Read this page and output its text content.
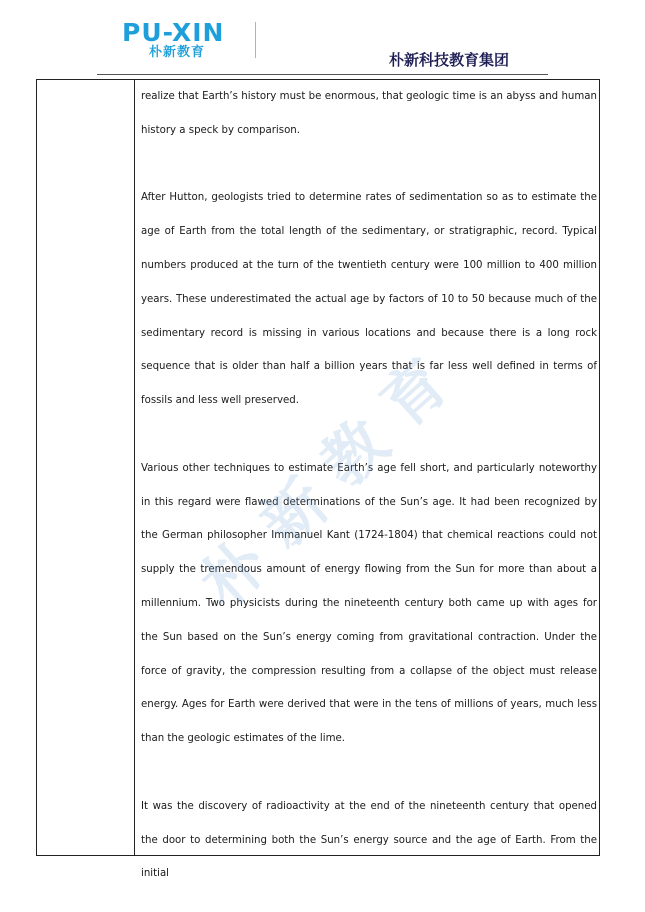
PU-XIN
朴新教育	朴新科技教育集团

realize that Earth’s history must be enormous, that geologic time is an abyss and human history a speck by comparison.

After Hutton, geologists tried to determine rates of sedimentation so as to estimate the age of Earth from the total length of the sedimentary, or stratigraphic, record. Typical numbers produced at the turn of the twentieth century were 100 million to 400 million years. These underestimated the actual age by factors of 10 to 50 because much of the sedimentary record is missing in various locations and because there is a long rock sequence that is older than half a billion years that is far less well defined in terms of fossils and less well preserved.

Various other techniques to estimate Earth’s age fell short, and particularly noteworthy in this regard were flawed determinations of the Sun’s age. It had been recognized by the German philosopher Immanuel Kant (1724-1804) that chemical reactions could not supply the tremendous amount of energy flowing from the Sun for more than about a millennium. Two physicists during the nineteenth century both came up with ages for the Sun based on the Sun’s energy coming from gravitational contraction. Under the force of gravity, the compression resulting from a collapse of the object must release energy. Ages for Earth were derived that were in the tens of millions of years, much less than the geologic estimates of the lime.

It was the discovery of radioactivity at the end of the nineteenth century that opened the door to determining both the Sun’s energy source and the age of Earth. From the initial

朴
新
教
育
